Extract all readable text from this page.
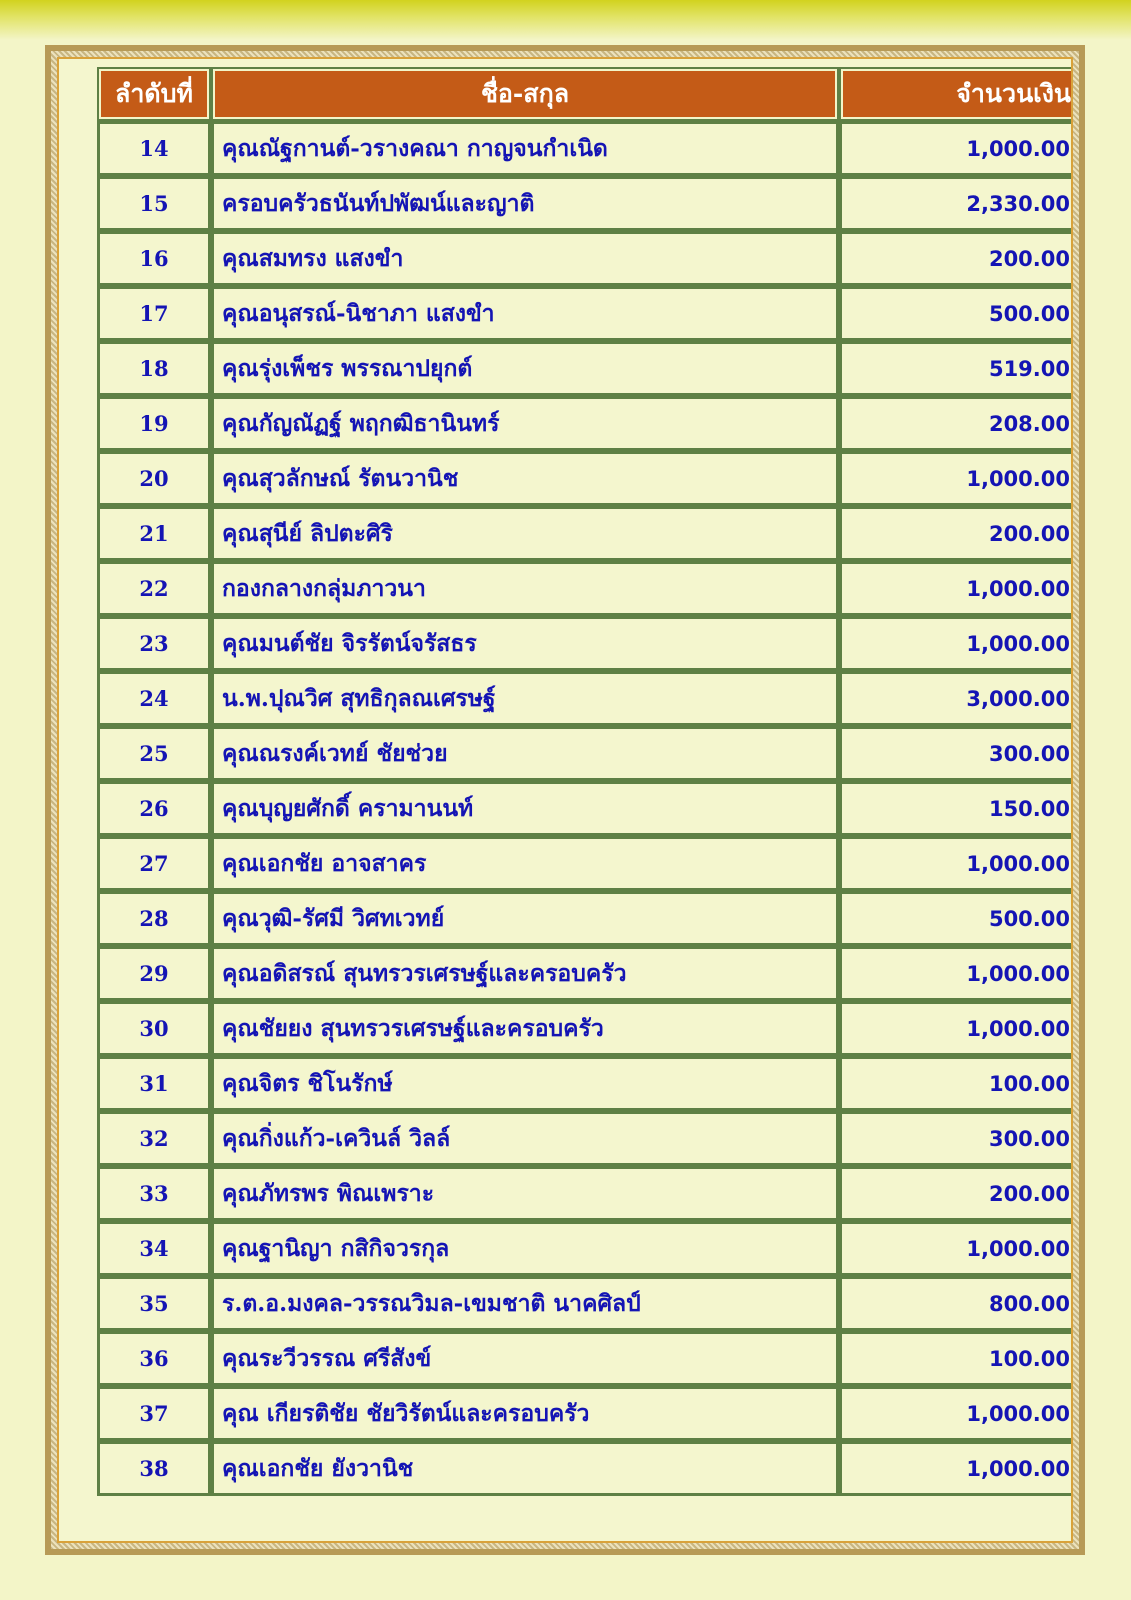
ลำดับที่	ชื่อ-สกุล	จำนวนเงิน
14	คุณณัฐกานต์-วรางคณา กาญจนกำเนิด	1,000.00
15	ครอบครัวธนันท์ปพัฒน์และญาติ	2,330.00
16	คุณสมทรง แสงขำ	200.00
17	คุณอนุสรณ์-นิชาภา แสงขำ	500.00
18	คุณรุ่งเพ็ชร พรรณาปยุกต์	519.00
19	คุณกัญณัฏฐ์ พฤกฒิธานินทร์	208.00
20	คุณสุวลักษณ์ รัตนวานิช	1,000.00
21	คุณสุนีย์ ลิปตะศิริ	200.00
22	กองกลางกลุ่มภาวนา	1,000.00
23	คุณมนต์ชัย จิรรัตน์จรัสธร	1,000.00
24	น.พ.ปุณวิศ สุทธิกุลณเศรษฐ์	3,000.00
25	คุณณรงค์เวทย์ ชัยช่วย	300.00
26	คุณบุญยศักดิ์ ครามานนท์	150.00
27	คุณเอกชัย อาจสาคร	1,000.00
28	คุณวุฒิ-รัศมี วิศทเวทย์	500.00
29	คุณอดิสรณ์ สุนทรวรเศรษฐ์และครอบครัว	1,000.00
30	คุณชัยยง สุนทรวรเศรษฐ์และครอบครัว	1,000.00
31	คุณจิตร ชิโนรักษ์	100.00
32	คุณกิ่งแก้ว-เควินล์ วิลล์	300.00
33	คุณภัทรพร พิณเพราะ	200.00
34	คุณฐานิญา กสิกิจวรกุล	1,000.00
35	ร.ต.อ.มงคล-วรรณวิมล-เขมชาติ นาคศิลป์	800.00
36	คุณระวีวรรณ ศรีสังข์	100.00
37	คุณ เกียรติชัย ชัยวิรัตน์และครอบครัว	1,000.00
38	คุณเอกชัย ยังวานิช	1,000.00
